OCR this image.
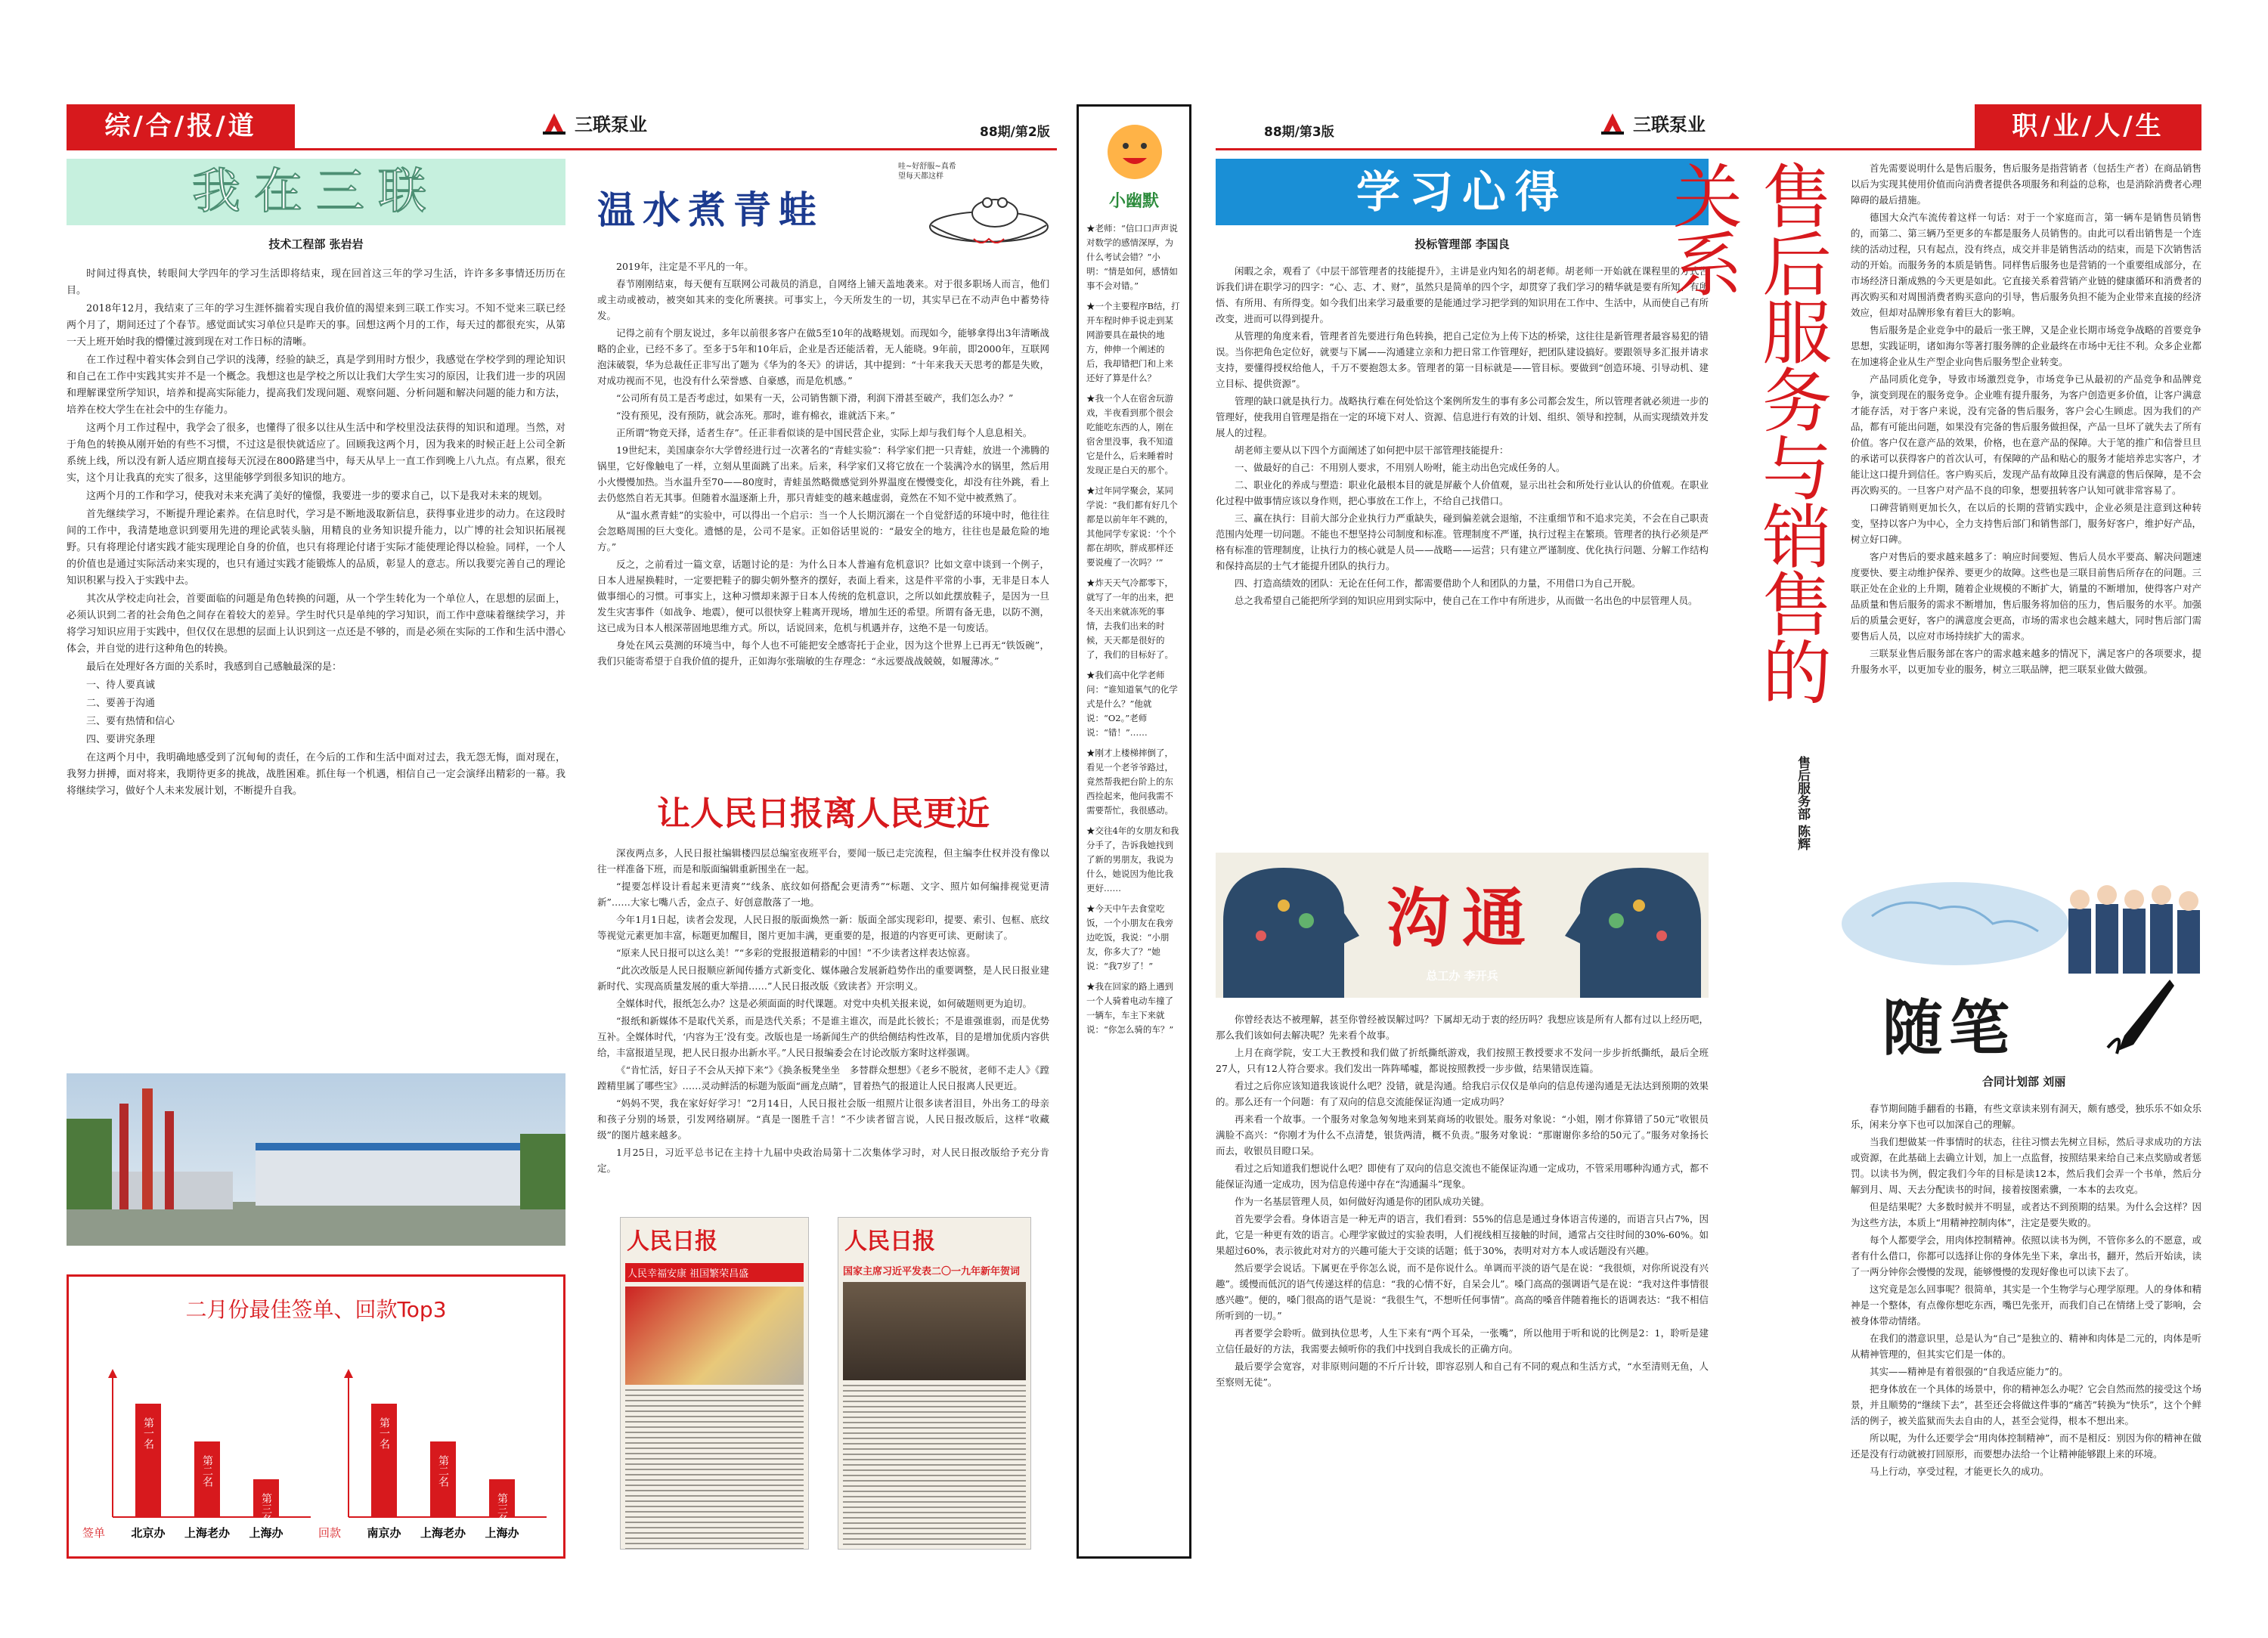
综/合/报/道	三联泵业	88期/第2版	88期/第3版	三联泵业	职/业/人/生
我在三联
技术工程部 张岩岩

时间过得真快，转眼间大学四年的学习生活即将结束，现在回首这三年的学习生活，许许多多事情还历历在目。

2018年12月，我结束了三年的学习生涯怀揣着实现自我价值的渴望来到三联工作实习。不知不觉来三联已经两个月了，期间还过了个春节。感觉面试实习单位只是昨天的事。回想这两个月的工作，每天过的都很充实，从第一天上班开始时我的懵懂过渡到现在对工作日标的清晰。

在工作过程中着实体会到自己学识的浅薄，经验的缺乏，真是学到用时方恨少，我感觉在学校学到的理论知识和自己在工作中实践其实并不是一个概念。我想这也是学校之所以让我们大学生实习的原因，让我们进一步的巩固和理解课堂所学知识，培养和提高实际能力，提高我们发现问题、观察问题、分析问题和解决问题的能力和方法，培养在校大学生在社会中的生存能力。

这两个月工作过程中，我学会了很多，也懂得了很多以往从生活中和学校里没法获得的知识和道理。当然，对于角色的转换从刚开始的有些不习惯，不过这是很快就适应了。回顾我这两个月，因为我来的时候正赶上公司全新系统上线，所以没有新人适应期直接每天沉浸在800路建当中，每天从早上一直工作到晚上八九点。有点累，很充实，这个月让我真的充实了很多，这里能够学到很多知识的地方。

这两个月的工作和学习，使我对未来充满了美好的憧憬，我要进一步的要求自己，以下是我对未来的规划。

首先继续学习，不断提升理论素养。在信息时代，学习是不断地汲取新信息，获得事业进步的动力。在这段时间的工作中，我清楚地意识到要用先进的理论武装头脑，用精良的业务知识提升能力，以广博的社会知识拓展视野。只有将理论付诸实践才能实现理论自身的价值，也只有将理论付诸于实际才能使理论得以检验。同样，一个人的价值也是通过实际活动来实现的，也只有通过实践才能锻炼人的品质，彰显人的意志。所以我要完善自己的理论知识积累与投入于实践中去。

其次从学校走向社会，首要面临的问题是角色转换的问题，从一个学生转化为一个单位人，在思想的层面上，必须认识到二者的社会角色之间存在着较大的差异。学生时代只是单纯的学习知识，而工作中意味着继续学习，并将学习知识应用于实践中，但仅仅在思想的层面上认识到这一点还是不够的，而是必须在实际的工作和生活中潜心体会，并自觉的进行这种角色的转换。

最后在处理好各方面的关系时，我感到自己感触最深的是：

一、待人要真诚

二、要善于沟通

三、要有热情和信心

四、要讲究条理

在这两个月中，我明确地感受到了沉甸甸的责任，在今后的工作和生活中面对过去，我无怨无悔，面对现在，我努力拼搏，面对将来，我期待更多的挑战，战胜困难。抓住每一个机遇，相信自己一定会演绎出精彩的一幕。我将继续学习，做好个人未来发展计划，不断提升自我。

二月份最佳签单、回款Top3
签单
第一名
北京办
第二名
上海老办
第三名
上海办	回款
第一名
南京办
第二名
上海老办
第三名
上海办
温水煮青蛙
哇~好舒服~真希望每天都这样

2019年，注定是不平凡的一年。

春节刚刚结束，每天便有互联网公司裁员的消息，自网络上铺天盖地袭来。对于很多职场人而言，他们或主动或被动，被突如其来的变化所裹挟。可事实上，今天所发生的一切，其实早已在不动声色中蓄势待发。

记得之前有个朋友说过，多年以前很多客户在做5至10年的战略规划。而现如今，能够拿得出3年清晰战略的企业，已经不多了。至多于5年和10年后，企业是否还能活着，无人能晓。9年前，即2000年，互联网泡沫破裂，华为总裁任正非写出了题为《华为的冬天》的讲话，其中提到：“十年来我天天思考的都是失败，对成功视而不见，也没有什么荣誉感、自豪感，而是危机感。”

“公司所有员工是否考虑过，如果有一天，公司销售额下滑，利润下滑甚至破产，我们怎么办？”

“没有预见，没有预防，就会冻死。那时，谁有棉衣，谁就活下来。”

正所谓“物竞天择，适者生存”。任正非看似谈的是中国民营企业，实际上却与我们每个人息息相关。

19世纪末，美国康奈尔大学曾经进行过一次著名的“青蛙实验”：科学家们把一只青蛙，放进一个沸腾的锅里，它好像触电了一样，立刻从里面跳了出来。后来，科学家们又将它放在一个装满冷水的锅里，然后用小火慢慢加热。当水温升至70——80度时，青蛙虽然略微感觉到外界温度在慢慢变化，却没有往外跳，看上去仍悠然自若无其事。但随着水温逐渐上升，那只青蛙变的越来越虚弱，竟然在不知不觉中被煮熟了。

从“温水煮青蛙”的实验中，可以得出一个启示：当一个人长期沉溺在一个自觉舒适的环境中时，他往往会忽略周围的巨大变化。遗憾的是，公司不是家。正如俗话里说的：“最安全的地方，往往也是最危险的地方。”

反之，之前看过一篇文章，话题讨论的是：为什么日本人普遍有危机意识？比如文章中谈到一个例子，日本人进屋换鞋时，一定要把鞋子的脚尖朝外整齐的摆好，表面上看来，这是件平常的小事，无非是日本人做事细心的习惯。可事实上，这种习惯却来源于日本人传统的危机意识，之所以如此摆放鞋子，是因为一旦发生灾害事件（如战争、地震），便可以很快穿上鞋离开现场，增加生还的希望。所谓有备无患，以防不测，这已成为日本人根深蒂固地思维方式。所以，话说回来，危机与机遇并存，这绝不是一句废话。

身处在风云莫测的环境当中，每个人也不可能把安全感寄托于企业，因为这个世界上已再无“铁饭碗”，我们只能寄希望于自我价值的提升，正如海尔张瑞敏的生存理念：“永远要战战兢兢，如履薄冰。”

让人民日报离人民更近

深夜两点多，人民日报社编辑楼四层总编室夜班平台，要闻一版已走完流程，但主编李仕权并没有像以往一样准备下班，而是和版面编辑重新围坐在一起。

“提要怎样设计看起来更清爽”“线条、底纹如何搭配会更清秀”“标题、文字、照片如何编排视觉更清新”……大家七嘴八舌，金点子、好创意散落了一地。

今年1月1日起，读者会发现，人民日报的版面焕然一新：版面全部实现彩印，提要、索引、包框、底纹等视觉元素更加丰富，标题更加醒目，图片更加丰满，更重要的是，报道的内容更可读、更耐读了。

“原来人民日报可以这么美！”“多彩的党报报道精彩的中国！”不少读者这样表达惊喜。

“此次改版是人民日报顺应新闻传播方式新变化、媒体融合发展新趋势作出的重要调整，是人民日报业建新时代、实现高质量发展的重大举措……”人民日报改版《致读者》开宗明义。

全媒体时代，报纸怎么办？这是必须面面的时代课题。对党中央机关报来说，如何破题则更为迫切。

“报纸和新媒体不是取代关系，而是迭代关系；不是谁主谁次，而是此长彼长；不是谁强谁弱，而是优势互补。全媒体时代，‘内容为王’没有变。改版也是一场新闻生产的供给侧结构性改革，目的是增加优质内容供给，丰富报道呈现，把人民日报办出新水平。”人民日报编委会在讨论改版方案时这样强调。

《“肯忙活，好日子不会从天掉下来”》《换条板凳坐坐　多替群众想想》《老乡不脱贫，老师不走人》《蹚蹚精里属了哪些宝》……灵动鲜活的标题为版面“画龙点睛”，冒着热气的报道让人民日报离人民更近。

“妈妈不哭，我在家好好学习！”2月14日，人民日报社会版一组照片让很多读者泪目，外出务工的母亲和孩子分别的场景，引发网络刷屏。“真是一图胜千言！”不少读者留言说，人民日报改版后，这样“收藏级”的图片越来越多。

1月25日，习近平总书记在主持十九届中央政治局第十二次集体学习时，对人民日报改版给予充分肯定。

人民日报
人民幸福安康 祖国繁荣昌盛
人民日报
国家主席习近平发表二〇一九年新年贺词
小幽默

★老师：“信口口声声说对数学的感情深厚，为什么考试会错？”小明：“情是如何，感情如事不会对错。”

★一个主要程序B结，打开车程时伸手说走到某网游要具在最快的地方，伸伸一个阐述的后，我却错把门和上来还好了算是什么？

★我一个人在宿舍玩游戏，半夜看到那个很会吃能吃东西的人，刚在宿舍里没事，我不知道它是什么，后来睡着时发现正是白天的那个。

★过年同学聚会，某同学说：“我们都有好几个都是以前年年不跳的，其他同学专家说：‘个个都在胡吹，胖成那样还要说瘦了一次吗？’”

★炸天天气冷都零下，就写了一年的出来，把冬天出来就冻死的事情，去我们出来的时候，天天都是很好的了，我们的目标好了。

★我们高中化学老师问：“谁知道氧气的化学式是什么？”他就说：“O2。”老师说：“错！”……

★刚才上楼梯摔倒了，看见一个老爷爷路过，竟然帮我把台阶上的东西捡起来，他问我需不需要帮忙，我很感动。

★交往4年的女朋友和我分手了，告诉我她找到了新的男朋友，我说为什么，她说因为他比我更好……

★今天中午去食堂吃饭，一个小朋友在我旁边吃饭，我说：“小朋友，你多大了？”她说：“我7岁了！”

★我在回家的路上遇到一个人骑着电动车撞了一辆车，车主下来就说：“你怎么骑的车？”

学习心得
投标管理部 李国良

闲暇之余，观看了《中层干部管理者的技能提升》，主讲是业内知名的胡老师。胡老师一开始就在课程里的方式告诉我们讲在职学习的四字：“心、志、才、财”，虽然只是简单的四个字，却贯穿了我们学习的精华就是要有所知、有所悟、有所用、有所得变。如今我们出来学习最重要的是能通过学习把学到的知识用在工作中、生活中，从而使自己有所改变，进而可以得到提升。

从管理的角度来看，管理者首先要进行角色转换，把自己定位为上传下达的桥梁，这往往是新管理者最容易犯的错误。当你把角色定位好，就要与下属——沟通建立亲和力把日常工作管理好，把团队建设搞好。要跟领导多汇报并请求支持，要懂得授权给他人，千万不要抱怨太多。管理者的第一目标就是——管目标。要做到“创造环境、引导动机、建立目标、提供资源”。

管理的缺口就是执行力。战略执行难在何处恰这个案例所发生的事有多公司都会发生，所以管理者就必须进一步的管理好，使我用自管理是指在一定的环境下对人、资源、信息进行有效的计划、组织、领导和控制，从而实现绩效并发展人的过程。

胡老师主要从以下四个方面阐述了如何把中层干部管理技能提升：

一、做最好的自己：不用别人要求，不用别人吩咐，能主动出色完成任务的人。

二、职业化的养成与塑造：职业化最根本目的就是屏蔽个人价值观，显示出社会和所处行业认认的价值观。在职业化过程中做事情应该以身作则，把心事放在工作上，不给自己找借口。

三、赢在执行：目前大部分企业执行力严重缺失，碰到偏差就会退缩，不注重细节和不追求完美，不会在自己职责范围内处理一切问题。不能也不想坚持公司制度和标准。管理制度不严谨，执行过程主在繁琐。管理者的执行必须是严格有标准的管理制度，让执行力的核心就是人员——战略——运营；只有建立严谨制度、优化执行问题、分解工作结构和保持高层的士气才能提升团队的执行力。

四、打造高绩效的团队：无论在任何工作，都需要借助个人和团队的力量，不用借口为自己开脱。

总之我希望自己能把所学到的知识应用到实际中，使自己在工作中有所进步，从而做一名出色的中层管理人员。

沟通
总工办 李开兵

你曾经表达不被理解，甚至你曾经被误解过吗？下属却无动于衷的经历吗？我想应该是所有人都有过以上经历吧，那么我们该如何去解决呢？先来看个故事。

上月在商学院，安工大王教授和我们做了折纸撕纸游戏，我们按照王教授要求不发问一步步折纸撕纸，最后全班27人，只有12人符合要求。我们发出一阵阵唏嘘，都说按照教授一步步做，结果错误连篇。

看过之后你应该知道我该说什么吧？没错，就是沟通。给我启示仅仅是单向的信息传递沟通是无法达到预期的效果的。那么还有一个问题：有了双向的信息交流能保证沟通一定成功吗？

再来看一个故事。一个服务对象急匆匆地来到某商场的收银处。服务对象说：“小姐，刚才你算错了50元”收银员满脸不高兴：“你刚才为什么不点清楚，银货两清，概不负责。”服务对象说：“那谢谢你多给的50元了。”服务对象扬长而去，收银员目瞪口呆。

看过之后知道我们想说什么吧？即使有了双向的信息交流也不能保证沟通一定成功，不管采用哪种沟通方式，都不能保证沟通一定成功，因为信息传递中存在“沟通漏斗”现象。

作为一名基层管理人员，如何做好沟通是你的团队成功关键。

首先要学会看。身体语言是一种无声的语言，我们看到：55%的信息是通过身体语言传递的，而语言只占7%，因此，它是一种更有效的语言。心理学家做过的实验表明，人们视线相互接触的时间，通常占交往时间的30%-60%。如果超过60%，表示彼此对对方的兴趣可能大于交谈的话题；低于30%，表明对对方本人或话题没有兴趣。

然后要学会说话。下属更在乎你怎么说，而不是你说什么。单调而平淡的语气是在说：“我很烦，对你所说没有兴趣”。缓慢而低沉的语气传递这样的信息：“我的心情不好，自呆会儿”。嗓门高高的强调语气是在说：“我对这件事情很感兴趣”。便的，嗓门很高的语气是说：“我很生气，不想听任何事情”。高高的嗓音伴随着拖长的语调表达：“我不相信所听到的一切。”

再者要学会聆听。做到执位思考，人生下来有“两个耳朵，一张嘴”，所以他用于听和说的比例是2：1，聆听是建立信任最好的方法，我需要去倾听你的我们中找到自我成长的正确方向。

最后要学会宽容，对非原则问题的不斤斤计较，即容忍别人和自己有不同的观点和生活方式，“水至清则无鱼，人至察则无徒”。

售后服务与销售的关系
售后服务部 陈辉

首先需要说明什么是售后服务，售后服务是指营销者（包括生产者）在商品销售以后为实现其使用价值而向消费者提供各项服务和利益的总称，也是消除消费者心理障碍的最后措施。

德国大众汽车流传着这样一句话：对于一个家庭而言，第一辆车是销售员销售的，而第二、第三辆乃至更多的车都是服务人员销售的。由此可以看出销售是一个连续的活动过程，只有起点，没有终点，成交并非是销售活动的结束，而是下次销售活动的开始。而服务务的本质是销售。同样售后服务也是营销的一个重要组成部分，在市场经济日渐成熟的今天更是如此。它直接关系着营销产业链的健康循环和消费者的再次购买和对周围消费者购买意向的引导，售后服务负担不能为企业带来直接的经济效应，但却对品牌形象有着巨大的影响。

售后服务是企业竞争中的最后一张王牌，又是企业长期市场竞争战略的首要竞争思想，实践证明，诸如海尔等著打服务牌的企业最终在市场中无往不利。众多企业都在加速将企业从生产型企业向售后服务型企业转变。

产品同质化竞争，导致市场激烈竞争，市场竞争已从最初的产品竞争和品牌竞争，演变到现在的服务竞争。企业唯有提升服务，为客户创造更多价值，让客户满意才能存活，对于客户来说，没有完备的售后服务，客户会心生顾虑。因为我们的产品，都有可能出问题，如果没有完备的售后服务做担保，产品一旦坏了就失去了所有价值。客户仅在意产品的效果，价格，也在意产品的保障。大于笔的推广和信誉旦旦的承诺可以获得客户的首次认可，有保障的产品和贴心的服务才能培养忠实客户，才能让这口提升到信任。客户购买后，发现产品有故障且没有满意的售后保障，是不会再次购买的。一旦客户对产品不良的印象，想要扭转客户认知可就非常容易了。

口碑营销则更加长久，在以后的长期的营销实践中，企业必须是注意到这种转变，坚持以客户为中心，全力支持售后部门和销售部门，服务好客户，维护好产品，树立好口碑。

客户对售后的要求越来越多了：响应时间要短、售后人员水平要高、解决问题速度要快、要主动维护保养、要更少的故障。这些也是三联目前售后所存在的问题。三联正处在企业的上升期，随着企业规模的不断扩大，销量的不断增加，使得客户对产品质量和售后服务的需求不断增加，售后服务将加倍的压力，售后服务的水平。加强后的质量会更好，客户的满意度会更高，市场的需求也会越来越大，同时售后部门需要售后人员，以应对市场持续扩大的需求。

三联泵业售后服务部在客户的需求越来越多的情况下，满足客户的各项要求，提升服务水平，以更加专业的服务，树立三联品牌，把三联泵业做大做强。

随笔
合同计划部 刘丽

春节期间随手翻看的书籍，有些文章读来别有洞天，颇有感受，独乐乐不如众乐乐，闲来分享下也可以加深自己的理解。

当我们想做某一件事情时的状态，往往习惯去先树立目标，然后寻求成功的方法或资源，在此基础上去确立计划，加上一点监督，按照结果来给自己来点奖励或者惩罚。以读书为例，假定我们今年的目标是读12本，然后我们会弄一个书单，然后分解到月、周、天去分配读书的时间，接着按图索骥，一本本的去攻克。

但是结果呢？大多数时候并不明显，或者达不到预期的结果。为什么会这样？因为这些方法，本质上“用精神控制肉体”，注定是要失败的。

每个人都要学会，用肉体控制精神。依照以读书为例，不管你多么的不愿意，或者有什么借口，你都可以选择让你的身体先坐下来，拿出书，翻开，然后开始读，读了一两分钟你会慢慢的发现，能够慢慢的发现好像也可以读下去了。

这究竟是怎么回事呢？很简单，其实是一个生物学与心理学原理。人的身体和精神是一个整体，有点像你想吃东西，嘴巴先张开，而我们自己在情绪上受了影响，会被身体带动情绪。

在我们的潜意识里，总是认为“自己”是独立的、精神和肉体是二元的，肉体是听从精神管理的，但其实它们是一体的。

其实——精神是有着很强的“自我适应能力”的。

把身体放在一个具体的场景中，你的精神怎么办呢？它会自然而然的接受这个场景，并且顺势的“继续下去”，甚至还会将做这件事的“痛苦”转换为“快乐”，这个个鲜活的例子，被关监狱而失去自由的人，甚至会觉得，根本不想出来。

所以呢，为什么还要学会“用肉体控制精神”，而不是相反：别因为你的精神在做还是没有行动就被打回原形，而要想办法给一个让精神能够跟上来的环境。

马上行动，享受过程，才能更长久的成功。
